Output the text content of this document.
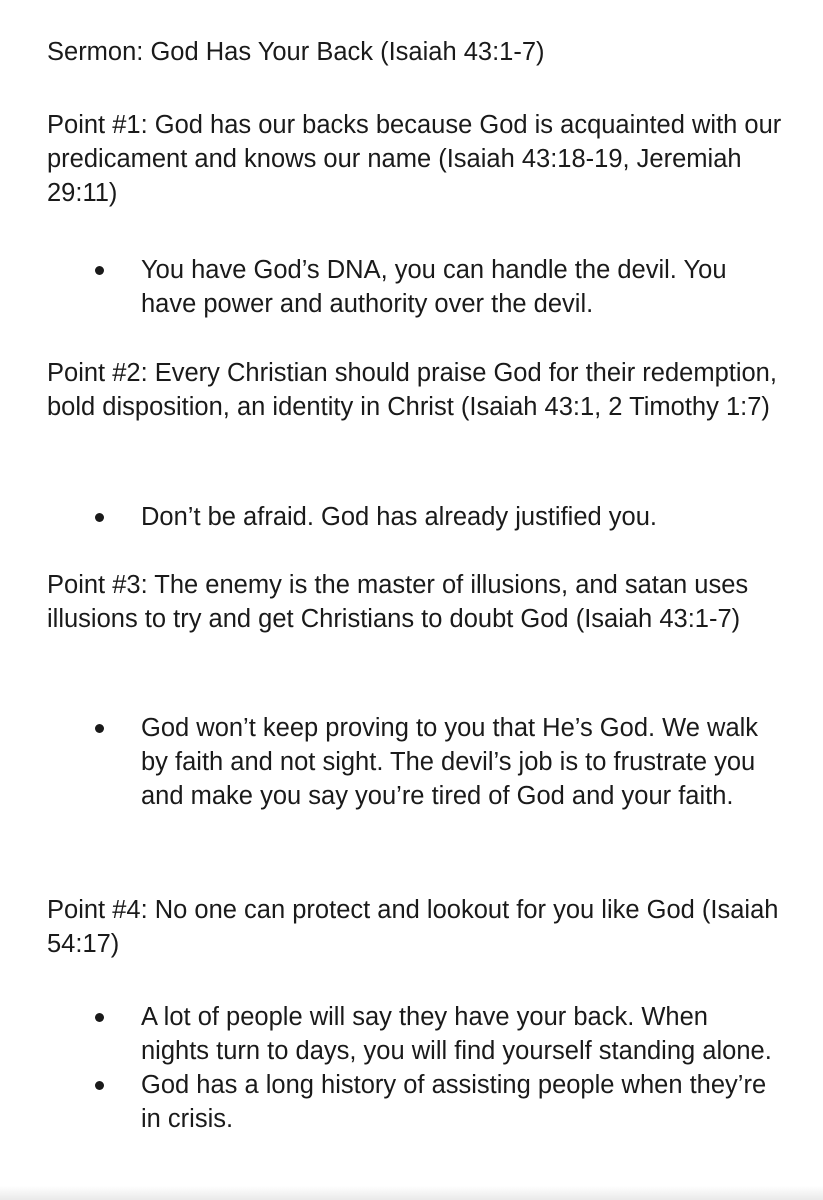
Sermon: God Has Your Back (Isaiah 43:1-7)

Point #1: God has our backs because God is acquainted with our predicament and knows our name (Isaiah 43:18-19, Jeremiah 29:11)

You have God’s DNA, you can handle the devil. You have power and authority over the devil.

Point #2: Every Christian should praise God for their redemption, bold disposition, an identity in Christ (Isaiah 43:1, 2 Timothy 1:7)

Don’t be afraid. God has already justified you.

Point #3: The enemy is the master of illusions, and satan uses illusions to try and get Christians to doubt God (Isaiah 43:1-7)

God won’t keep proving to you that He’s God. We walk by faith and not sight. The devil’s job is to frustrate you and make you say you’re tired of God and your faith.

Point #4: No one can protect and lookout for you like God (Isaiah 54:17)

A lot of people will say they have your back. When nights turn to days, you will find yourself standing alone.
God has a long history of assisting people when they’re in crisis.
